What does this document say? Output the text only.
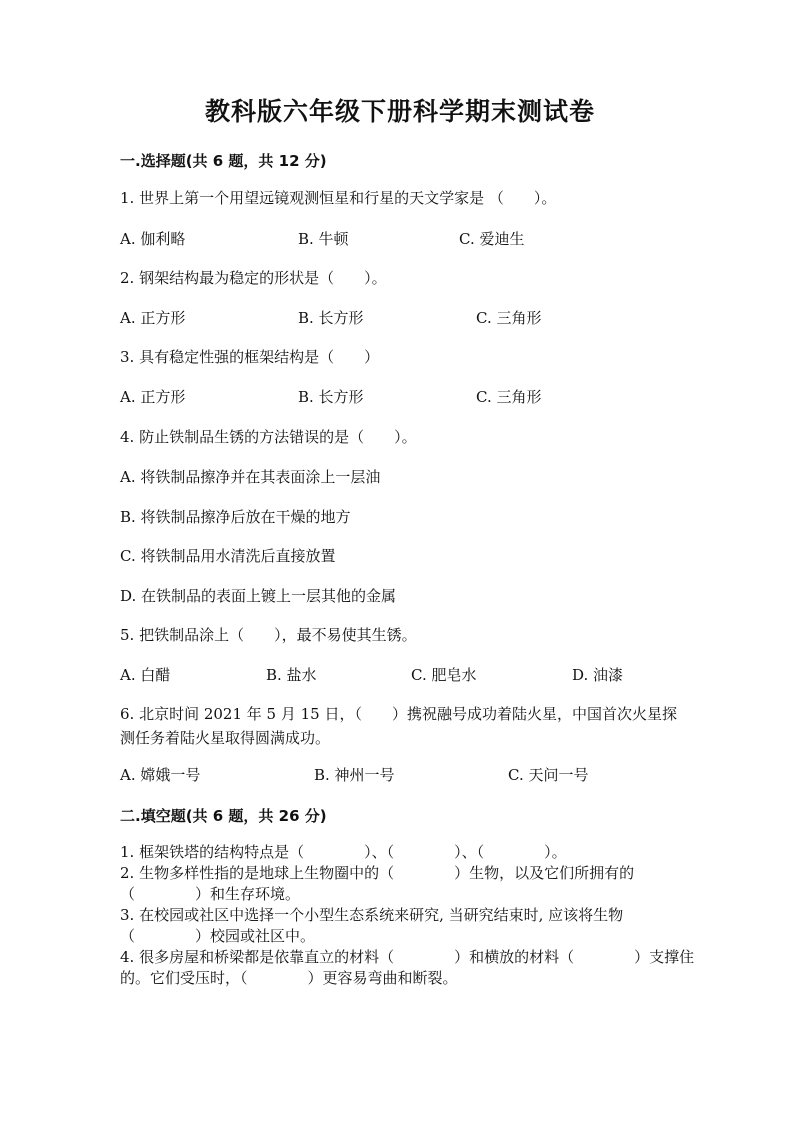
教科版六年级下册科学期末测试卷
一.选择题(共 6 题，共 12 分)
1. 世界上第一个用望远镜观测恒星和行星的天文学家是 （　　）。
A. 伽利略	B. 牛顿	C. 爱迪生
2. 钢架结构最为稳定的形状是（　　）。
A. 正方形	B. 长方形	C. 三角形
3. 具有稳定性强的框架结构是（　　）
A. 正方形	B. 长方形	C. 三角形
4. 防止铁制品生锈的方法错误的是（　　）。
A. 将铁制品擦净并在其表面涂上一层油
B. 将铁制品擦净后放在干燥的地方
C. 将铁制品用水清洗后直接放置
D. 在铁制品的表面上镀上一层其他的金属
5. 把铁制品涂上（　　），最不易使其生锈。
A. 白醋	B. 盐水	C. 肥皂水	D. 油漆
6. 北京时间 2021 年 5 月 15 日，（　　）携祝融号成功着陆火星，中国首次火星探测任务着陆火星取得圆满成功。
A. 嫦娥一号	B. 神州一号	C. 天问一号
二.填空题(共 6 题，共 26 分)
1. 框架铁塔的结构特点是（　　　　）、（　　　　）、（　　　　）。
2. 生物多样性指的是地球上生物圈中的（　　　　）生物，以及它们所拥有的（　　　　）和生存环境。
3. 在校园或社区中选择一个小型生态系统来研究, 当研究结束时, 应该将生物（　　　　）校园或社区中。
4. 很多房屋和桥梁都是依靠直立的材料（　　　　）和横放的材料（　　　　）支撑住的。它们受压时，（　　　　）更容易弯曲和断裂。
